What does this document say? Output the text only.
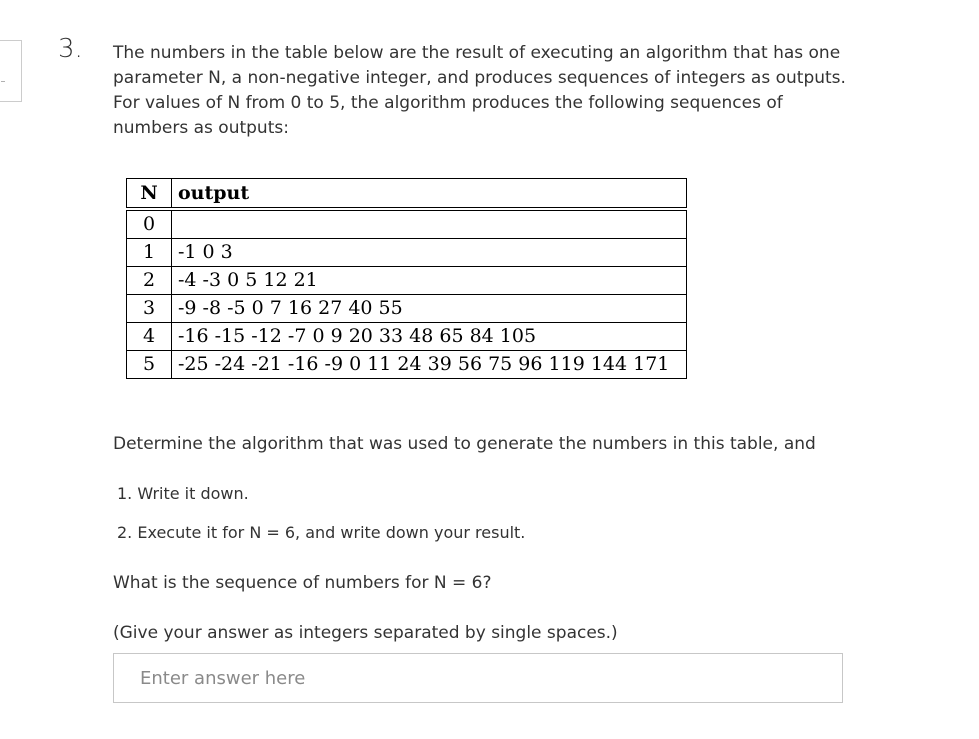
3. The numbers in the table below are the result of executing an algorithm that has one parameter N, a non-negative integer, and produces sequences of integers as outputs. For values of N from 0 to 5, the algorithm produces the following sequences of numbers as outputs:

N	output
0	
1	-1 0 3
2	-4 -3 0 5 12 21
3	-9 -8 -5 0 7 16 27 40 55
4	-16 -15 -12 -7 0 9 20 33 48 65 84 105
5	-25 -24 -21 -16 -9 0 11 24 39 56 75 96 119 144 171

Determine the algorithm that was used to generate the numbers in this table, and

1. Write it down.
2. Execute it for N = 6, and write down your result.

What is the sequence of numbers for N = 6?

(Give your answer as integers separated by single spaces.)

Enter answer here
